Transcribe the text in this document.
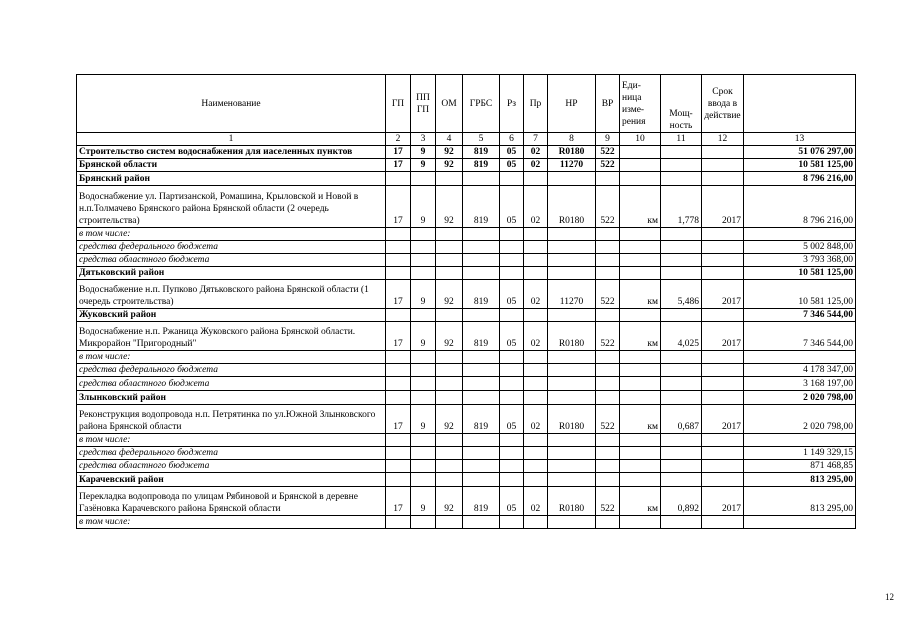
Наименование	ГП	ПП ГП	ОМ	ГРБС	Рз	Пр	НР	ВР	Еди-ница изме-рения	Мощ-ность	Срок ввода в действие	
1	2	3	4	5	6	7	8	9	10	11	12	13
Строительство систем водоснабжения для иаселенных пунктов	17	9	92	819	05	02	R0180	522				51 076 297,00
Брянской области	17	9	92	819	05	02	11270	522				10 581 125,00
Брянский район												8 796 216,00
Водоснабжение ул. Партизанской, Ромашина, Крыловской и Новой в н.п.Толмачево Брянского района Брянской области (2 очередь строительства)	17	9	92	819	05	02	R0180	522	км	1,778	2017	8 796 216,00
в том числе:												
средства федерального бюджета												5 002 848,00
средства областного бюджета												3 793 368,00
Дятьковский район												10 581 125,00
Водоснабжение н.п. Пупково Дятьковского района Брянской области (1 очередь строительства)	17	9	92	819	05	02	11270	522	км	5,486	2017	10 581 125,00
Жуковский район												7 346 544,00
Водоснабжение н.п. Ржаница Жуковского района Брянской области. Микрорайон "Пригородный"	17	9	92	819	05	02	R0180	522	км	4,025	2017	7 346 544,00
в том числе:												
средства федерального бюджета												4 178 347,00
средства областного бюджета												3 168 197,00
Злынковский район												2 020 798,00
Реконструкция водопровода н.п. Петрятинка по ул.Южной Злынковского района Брянской области	17	9	92	819	05	02	R0180	522	км	0,687	2017	2 020 798,00
в том числе:												
средства федерального бюджета												1 149 329,15
средства областного бюджета												871 468,85
Карачевский район												813 295,00
Перекладка водопровода по улицам Рябиновой и Брянской в деревне Газёновка Карачевского района Брянской области	17	9	92	819	05	02	R0180	522	км	0,892	2017	813 295,00
в том числе:												
12
